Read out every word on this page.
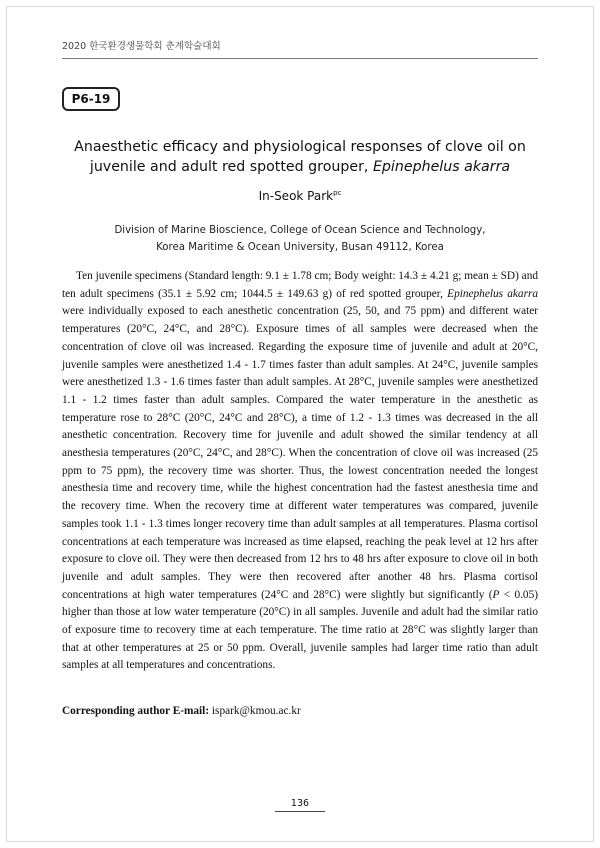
2020 한국환경생물학회 춘계학술대회
P6-19
Anaesthetic efficacy and physiological responses of clove oil on juvenile and adult red spotted grouper, Epinephelus akarra
In-Seok Park$^{pc}$
Division of Marine Bioscience, College of Ocean Science and Technology,
Korea Maritime & Ocean University, Busan 49112, Korea

Ten juvenile specimens (Standard length: 9.1 ± 1.78 cm; Body weight: 14.3 ± 4.21 g; mean ± SD) and ten adult specimens (35.1 ± 5.92 cm; 1044.5 ± 149.63 g) of red spotted grouper, Epinephelus akarra were individually exposed to each anesthetic concentration (25, 50, and 75 ppm) and different water temperatures (20°C, 24°C, and 28°C). Exposure times of all samples were decreased when the concentration of clove oil was increased. Regarding the exposure time of juvenile and adult at 20°C, juvenile samples were anesthetized 1.4 - 1.7 times faster than adult samples. At 24°C, juvenile samples were anesthetized 1.3 - 1.6 times faster than adult samples. At 28°C, juvenile samples were anesthetized 1.1 - 1.2 times faster than adult samples. Compared the water temperature in the anesthetic as temperature rose to 28°C (20°C, 24°C and 28°C), a time of 1.2 - 1.3 times was decreased in the all anesthetic concentration. Recovery time for juvenile and adult showed the similar tendency at all anesthesia temperatures (20°C, 24°C, and 28°C). When the concentration of clove oil was increased (25 ppm to 75 ppm), the recovery time was shorter. Thus, the lowest concentration needed the longest anesthesia time and recovery time, while the highest concentration had the fastest anesthesia time and the recovery time. When the recovery time at different water temperatures was compared, juvenile samples took 1.1 - 1.3 times longer recovery time than adult samples at all temperatures. Plasma cortisol concentrations at each temperature was increased as time elapsed, reaching the peak level at 12 hrs after exposure to clove oil. They were then decreased from 12 hrs to 48 hrs after exposure to clove oil in both juvenile and adult samples. They were then recovered after another 48 hrs. Plasma cortisol concentrations at high water temperatures (24°C and 28°C) were slightly but significantly (P < 0.05) higher than those at low water temperature (20°C) in all samples. Juvenile and adult had the similar ratio of exposure time to recovery time at each temperature. The time ratio at 28°C was slightly larger than that at other temperatures at 25 or 50 ppm. Overall, juvenile samples had larger time ratio than adult samples at all temperatures and concentrations.

Corresponding author E-mail: ispark@kmou.ac.kr
136
